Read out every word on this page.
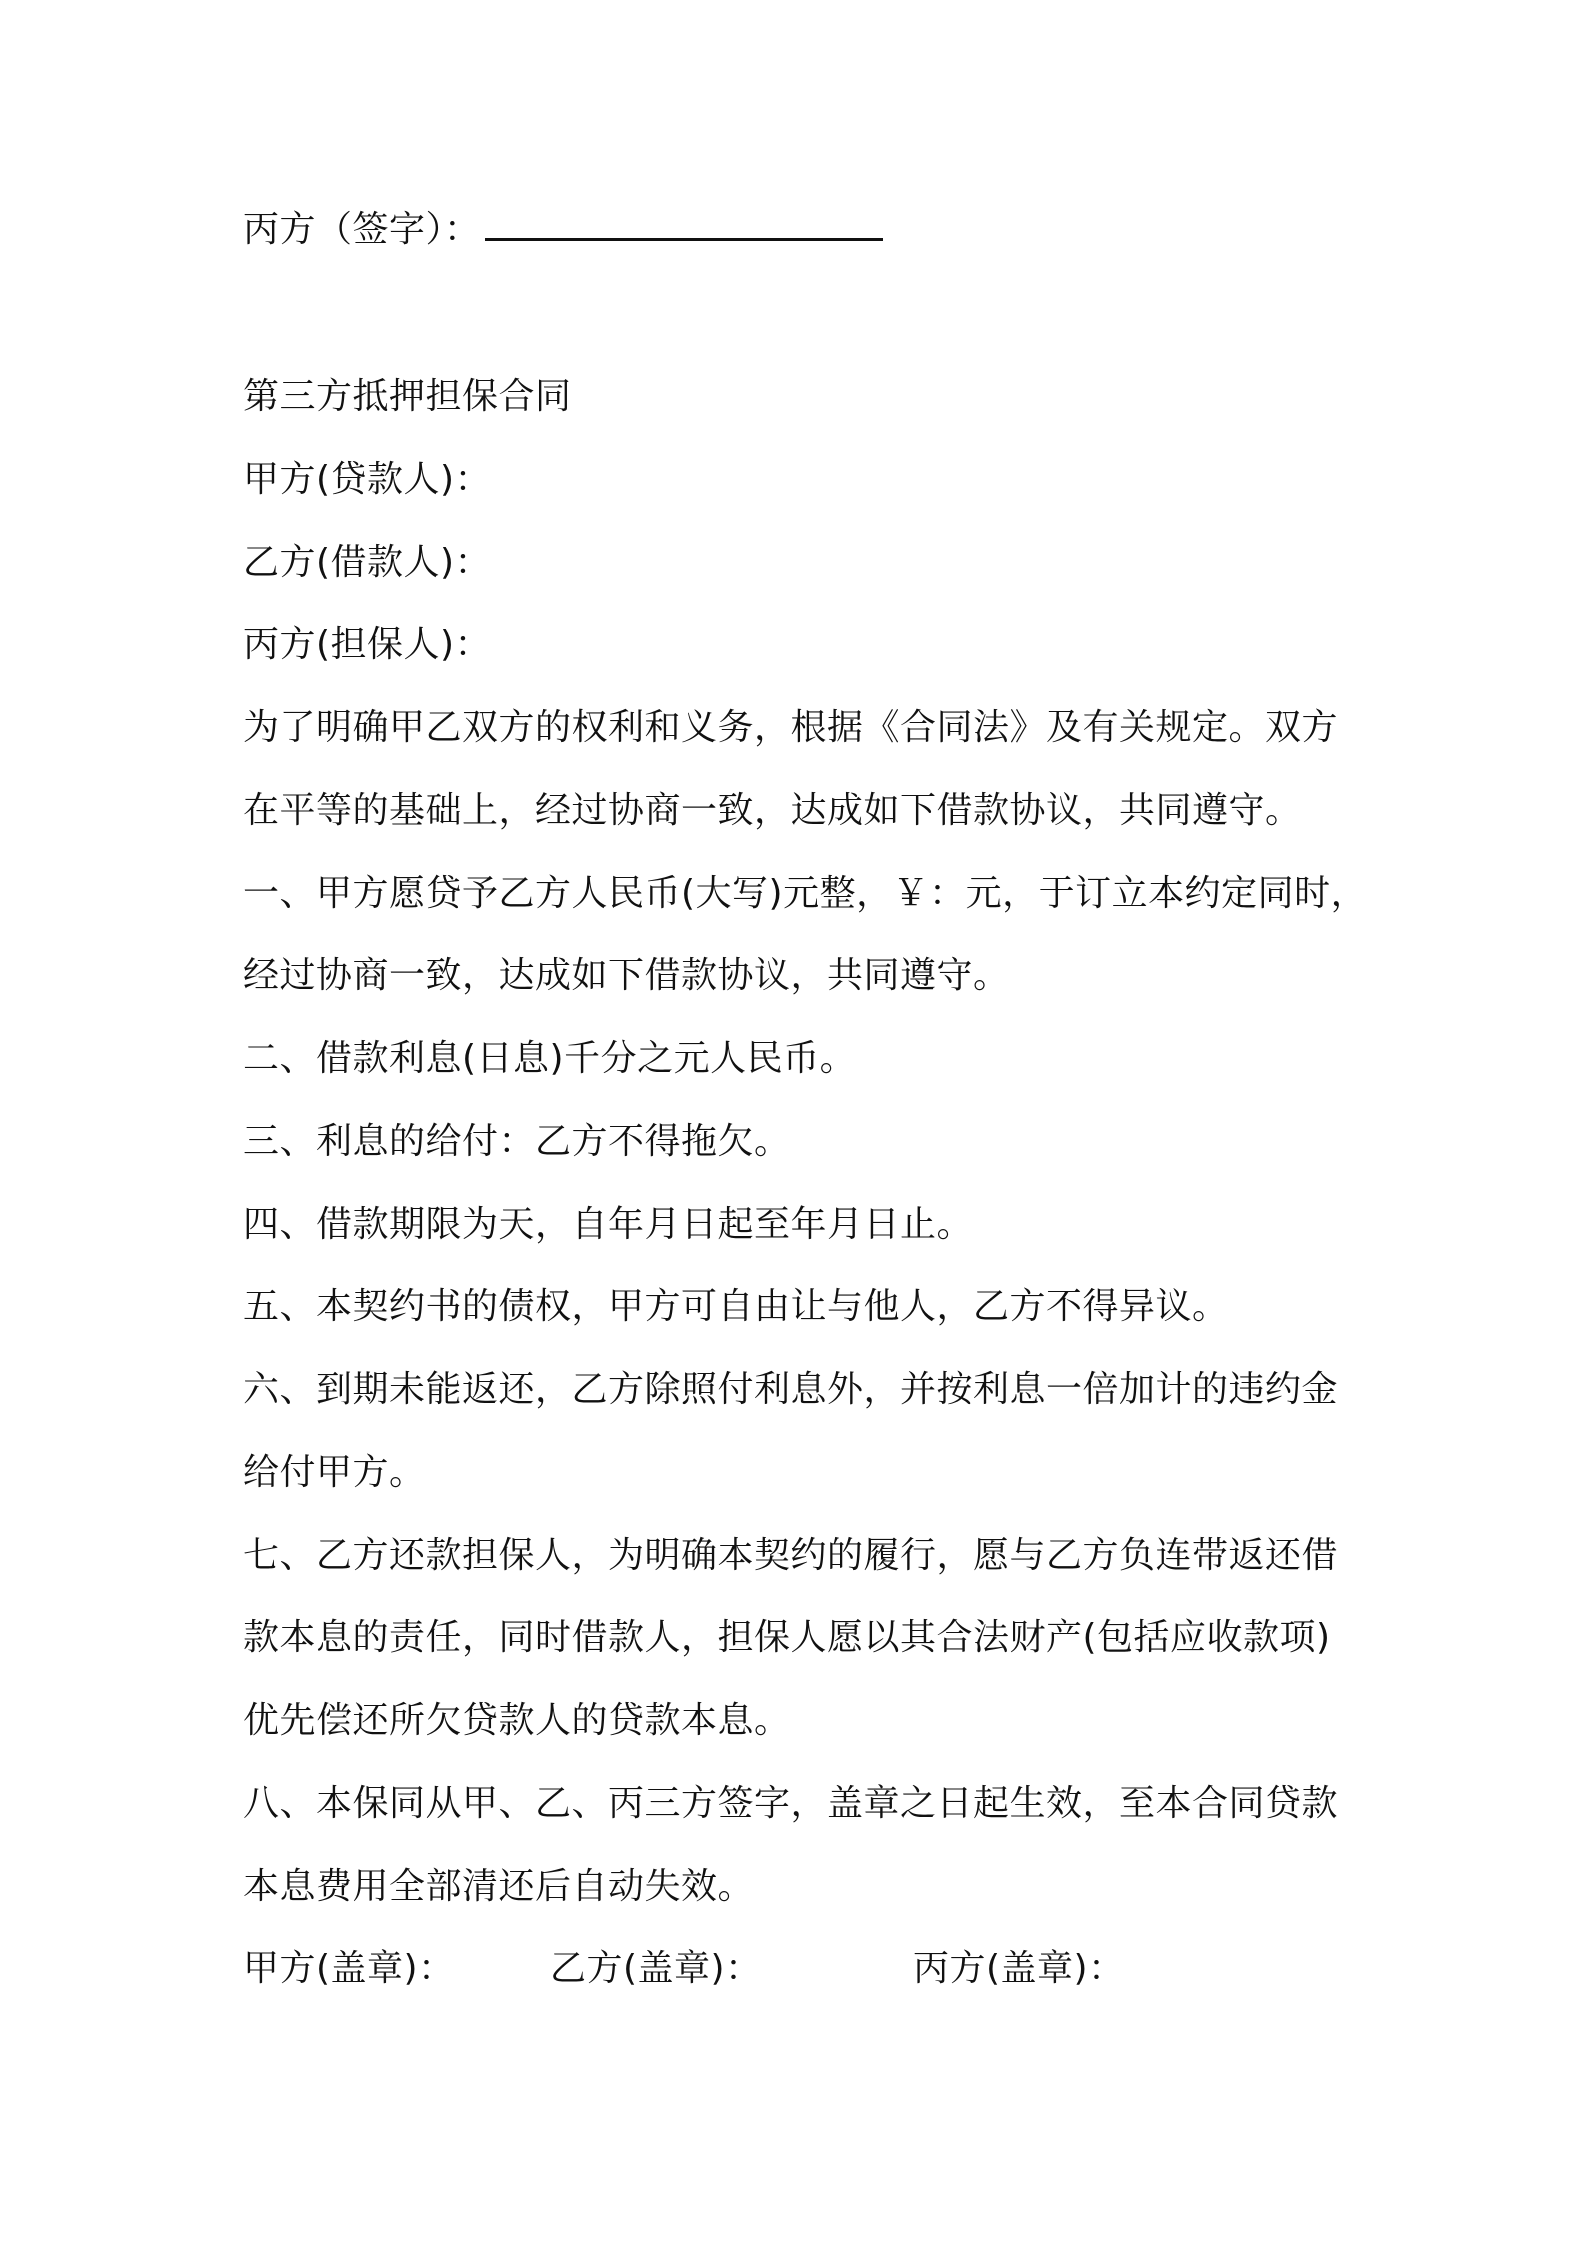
丙方（签字）：
第三方抵押担保合同
甲方(贷款人)：
乙方(借款人)：
丙方(担保人)：
为了明确甲乙双方的权利和义务，根据《合同法》及有关规定。双方
在平等的基础上，经过协商一致，达成如下借款协议，共同遵守。
一、甲方愿贷予乙方人民币(大写)元整，￥：元，于订立本约定同时，
经过协商一致，达成如下借款协议，共同遵守。
二、借款利息(日息)千分之元人民币。
三、利息的给付：乙方不得拖欠。
四、借款期限为天，自年月日起至年月日止。
五、本契约书的债权，甲方可自由让与他人，乙方不得异议。
六、到期未能返还，乙方除照付利息外，并按利息一倍加计的违约金
给付甲方。
七、乙方还款担保人，为明确本契约的履行，愿与乙方负连带返还借
款本息的责任，同时借款人，担保人愿以其合法财产(包括应收款项)
优先偿还所欠贷款人的贷款本息。
八、本保同从甲、乙、丙三方签字，盖章之日起生效，至本合同贷款
本息费用全部清还后自动失效。
甲方(盖章)：	乙方(盖章)：	丙方(盖章)：
